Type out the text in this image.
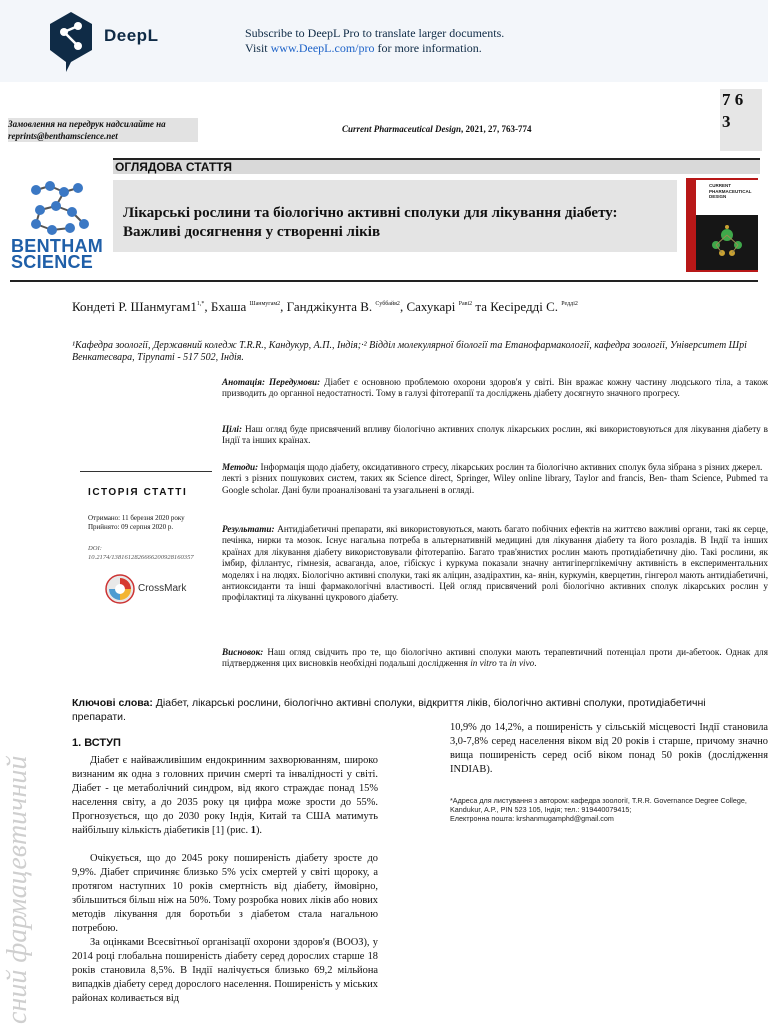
DeepL	Subscribe to DeepL Pro to translate larger documents.
Visit www.DeepL.com/pro for more information.
Замовлення на передрук надсилайте на
reprints@benthamscience.net
Current Pharmaceutical Design, 2021, 27, 763-774
7 6
3
BENTHAM
SCIENCE
ОГЛЯДОВА СТАТТЯ
Лікарські рослини та біологічно активні сполуки для лікування діабету:
Важливі досягнення у створенні ліків
CURRENT PHARMACEUTICAL DESIGN
Кондеті Р. $Шанмугам1^{1,*}$, Бхаша $^{Шанмугам2}$, Ганджікунта В. $^{Суббайя2}$, Сахукарі $^{Раві2}$ та Кесіредді С. $^{Редді2}$
¹Кафедра зоології, Державний коледж T.R.R., Кандукур, А.П., Індія;·² Відділ молекулярної біології та Етанофармакології, кафедра зоології, Університет Шрі Венкатесвара, Тірупаті - 517 502, Індія.
Анотація: Передумови: Діабет є основною проблемою охорони здоров'я у світі. Він вражає кожну частину людського тіла, а також призводить до органної недостатності. Тому в галузі фітотерапії та досліджень діабету досягнуто значного прогресу.
Цілі: Наш огляд буде присвячений впливу біологічно активних сполук лікарських рослин, які використовуються для лікування діабету в Індії та інших країнах.
Методи: Інформація щодо діабету, оксидативного стресу, лікарських рослин та біологічно активних сполук була зібрана з різних джерел.
лекті з різних пошукових систем, таких як Science direct, Springer, Wiley online library, Taylor and francis, Ben- tham Science, Pubmed та Google scholar. Дані були проаналізовані та узагальнені в огляді.
Результати: Антидіабетичні препарати, які використовуються, мають багато побічних ефектів на життєво важливі органи, такі як серце, печінка, нирки та мозок. Існує нагальна потреба в альтернативній медицині для лікування діабету та його розладів. В Індії та інших країнах для лікування діабету використовували фітотерапію. Багато трав'янистих рослин мають протидіабетичну дію. Такі рослини, як імбир, філлантус, гімнезія, асваганда, алое, гібіскус і куркума показали значну антигіперглікемічну активність в експериментальних моделях і на людях. Біологічно активні сполуки, такі як аліцин, азадірахтин, ка- янін, куркумін, кверцетин, гінгерол мають антидіабетичні, антиоксиданти та інші фармакологічні властивості. Цей огляд присвячений ролі біологічно активних сполук лікарських рослин у профілактиці та лікуванні цукрового діабету.
Висновок: Наш огляд свідчить про те, що біологічно активні сполуки мають терапевтичний потенціал проти ди-абетоок. Однак для підтвердження цих висновків необхідні подальші дослідження in vitro та in vivo.
ІСТОРІЯ СТАТТІ
Отримано: 11 березня 2020 року
Прийнято: 09 серпня 2020 р.
DOI:
10.2174/1381612826666200928160357
CrossMark
Ключові слова: Діабет, лікарські рослини, біологічно активні сполуки, відкриття ліків, біологічно активні сполуки, протидіабетичні препарати.
1. ВСТУП
Діабет є найважливішим ендокринним захворюванням, широко визнаним як одна з головних причин смерті та інвалідності у світі. Діабет - це метаболічний синдром, від якого страждає понад 15% населення світу, а до 2035 року ця цифра може зрости до 55%. Прогнозується, що до 2030 року Індія, Китай та США матимуть найбільшу кількість діабетиків [1] (рис. 1).
Очікується, що до 2045 року поширеність діабету зросте до 9,9%. Діабет спричиняє близько 5% усіх смертей у світі щороку, а протягом наступних 10 років смертність від діабету, ймовірно, збільшиться більш ніж на 50%. Тому розробка нових ліків або нових методів лікування для боротьби з діабетом стала нагальною потребою.
За оцінками Всесвітньої організації охорони здоров'я (ВООЗ), у 2014 році глобальна поширеність діабету серед дорослих старше 18 років становила 8,5%. В Індії налічується близько 69,2 мільйона випадків діабету серед дорослого населення. Поширеність у міських районах коливається від
10,9% до 14,2%, а поширеність у сільській місцевості Індії становила 3,0-7,8% серед населення віком від 20 років і старше, причому значно вища поширеність серед осіб віком понад 50 років (дослідження INDIAB).
*Адреса для листування з автором: кафедра зоології, T.R.R. Governance Degree College, Kandukur, A.P., PIN 523 105, Індія; тел.: 919440079415;
Електронна пошта: krshanmugamphd@gmail.com
сний фармацевтичний
